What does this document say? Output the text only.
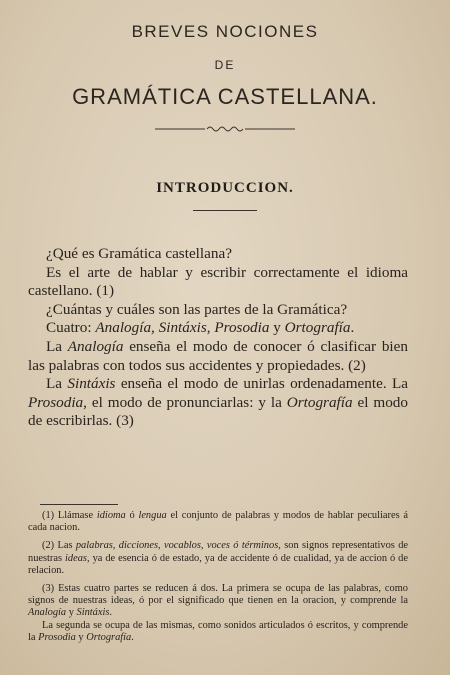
BREVES NOCIONES
DE
GRAMÁTICA CASTELLANA.
INTRODUCCION.

¿Qué es Gramática castellana?

Es el arte de hablar y escribir correctamente el idioma castellano. (1)

¿Cuántas y cuáles son las partes de la Gramática?

Cuatro: Analogía, Sintáxis, Prosodia y Ortografía.

La Analogía enseña el modo de conocer ó clasificar bien las palabras con todos sus accidentes y propiedades. (2)

La Sintáxis enseña el modo de unirlas ordenadamente. La Prosodia, el modo de pronunciarlas: y la Ortografía el modo de escribirlas. (3)

(1) Llámase idioma ó lengua el conjunto de palabras y modos de hablar peculiares á cada nacion.

(2) Las palabras, dicciones, vocablos, voces ó términos, son signos representativos de nuestras ideas, ya de esencia ó de estado, ya de accidente ó de cualidad, ya de accion ó de relacion.

(3) Estas cuatro partes se reducen á dos. La primera se ocupa de las palabras, como signos de nuestras ideas, ó por el significado que tienen en la oracion, y comprende la Analogía y Sintáxis.

La segunda se ocupa de las mismas, como sonidos articulados ó escritos, y comprende la Prosodia y Ortografía.
